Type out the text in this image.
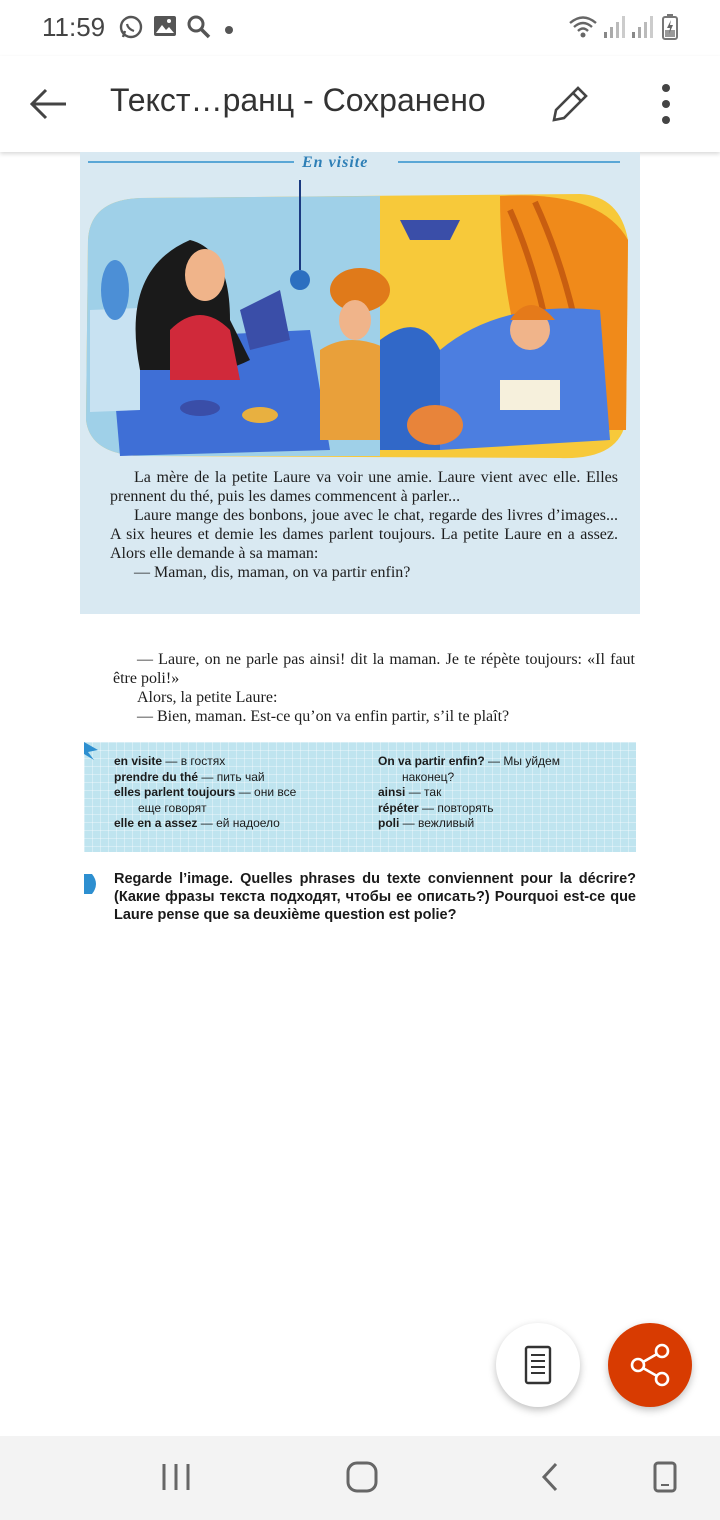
11:59
Текст…ранц - Сохранено
En visite

La mère de la petite Laure va voir une amie. Laure vient avec elle. Elles prennent du thé, puis les dames commencent à parler...

Laure mange des bonbons, joue avec le chat, regarde des livres d’images... A six heures et demie les dames parlent toujours. La petite Laure en a assez. Alors elle demande à sa maman:

— Maman, dis, maman, on va partir enfin?

— Laure, on ne parle pas ainsi! dit la maman. Je te répète toujours: «Il faut être poli!»

Alors, la petite Laure:

— Bien, maman. Est-ce qu’on va enfin partir, s’il te plaît?

en visite — в гостях
prendre du thé — пить чай
elles parlent toujours — они все
еще говорят
elle en a assez — ей надоело
On va partir enfin? — Мы уйдем
наконец?
ainsi — так
répéter — повторять
poli — вежливый
Regarde l’image. Quelles phrases du texte conviennent pour la décrire? (Какие фразы текста подходят, чтобы ее описать?) Pourquoi est-ce que Laure pense que sa deuxième question est polie?
